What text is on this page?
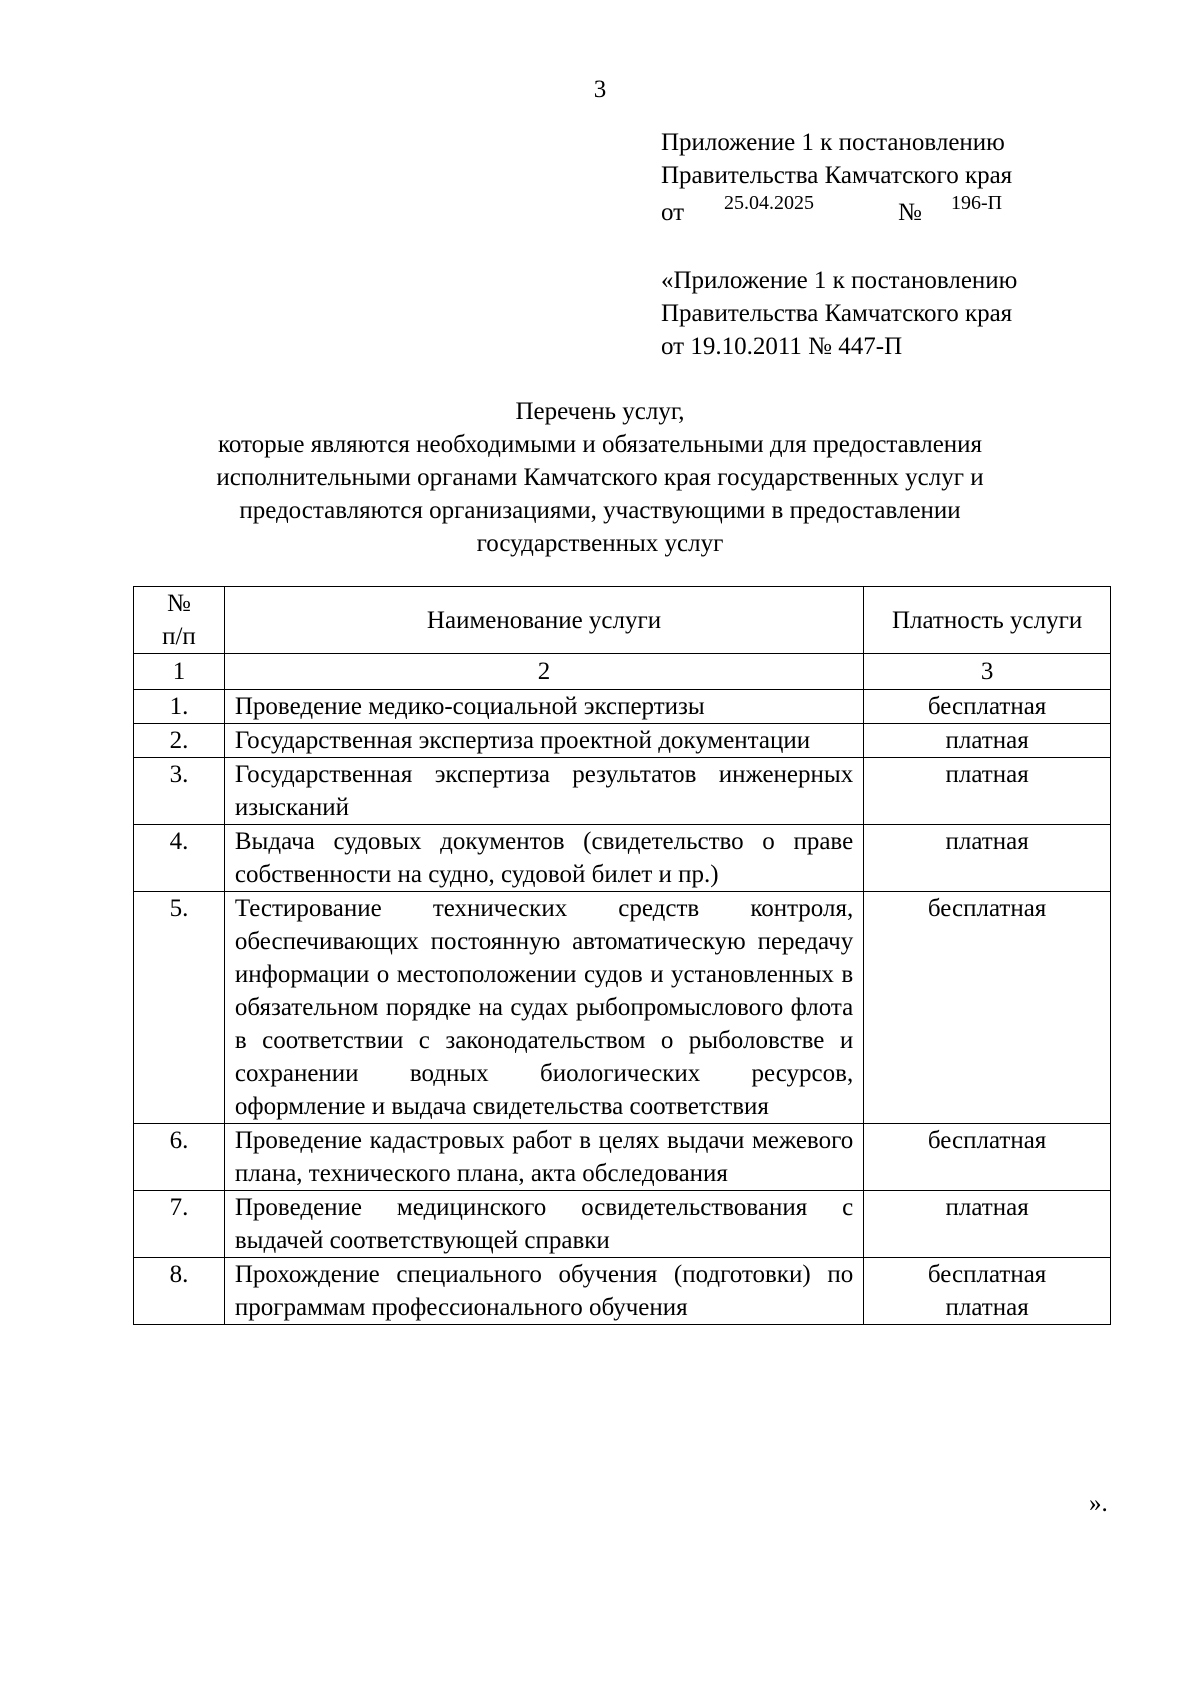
3
Приложение 1 к постановлению
Правительства Камчатского края
от 25.04.2025	№ 196-П
«Приложение 1 к постановлению
Правительства Камчатского края
от 19.10.2011 № 447-П
Перечень услуг,
которые являются необходимыми и обязательными для предоставления
исполнительными органами Камчатского края государственных услуг и
предоставляются организациями, участвующими в предоставлении
государственных услуг
№
п/п	Наименование услуги	Платность услуги
1	2	3
1.	Проведение медико-социальной экспертизы	бесплатная
2.	Государственная экспертиза проектной документации	платная
3.	Государственная экспертиза результатов инженерных изысканий	платная
4.	Выдача судовых документов (свидетельство о праве собственности на судно, судовой билет и пр.)	платная
5.	Тестирование технических средств контроля, обеспечивающих постоянную автоматическую передачу информации о местоположении судов и установленных в обязательном порядке на судах рыбопромыслового флота в соответствии с законодательством о рыболовстве и сохранении водных биологических ресурсов, оформление и выдача свидетельства соответствия	бесплатная
6.	Проведение кадастровых работ в целях выдачи межевого плана, технического плана, акта обследования	бесплатная
7.	Проведение медицинского освидетельствования с выдачей соответствующей справки	платная
8.	Прохождение специального обучения (подготовки) по программам профессионального обучения	бесплатная
платная
».
